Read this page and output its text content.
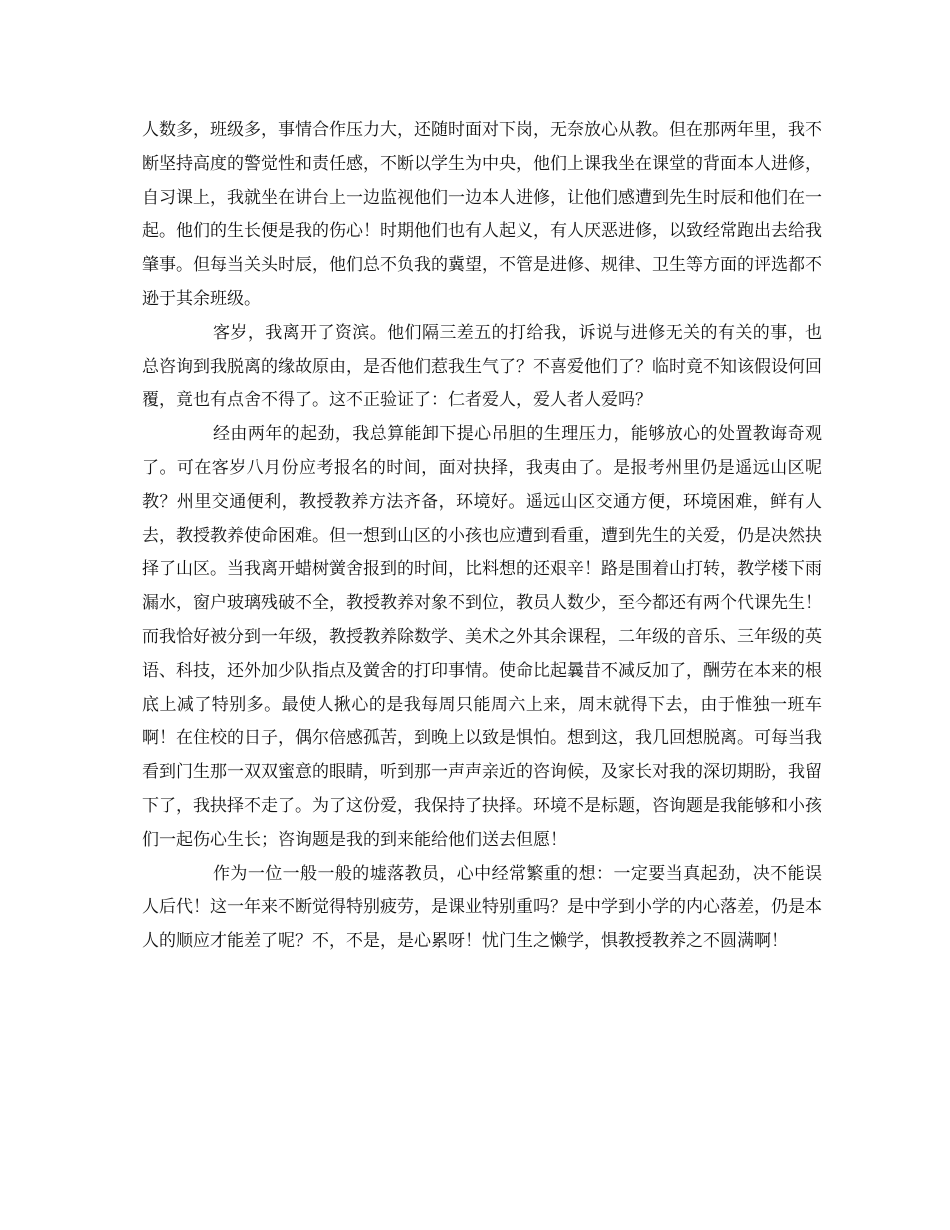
人数多，班级多，事情合作压力大，还随时面对下岗，无奈放心从教。但在那两年里，我不断坚持高度的警觉性和责任感，不断以学生为中央，他们上课我坐在课堂的背面本人进修，自习课上，我就坐在讲台上一边监视他们一边本人进修，让他们感遭到先生时辰和他们在一起。他们的生长便是我的伤心！时期他们也有人起义，有人厌恶进修，以致经常跑出去给我肇事。但每当关头时辰，他们总不负我的冀望，不管是进修、规律、卫生等方面的评选都不逊于其余班级。

客岁，我离开了资滨。他们隔三差五的打给我，诉说与进修无关的有关的事，也总咨询到我脱离的缘故原由，是否他们惹我生气了？不喜爱他们了？临时竟不知该假设何回覆，竟也有点舍不得了。这不正验证了：仁者爱人，爱人者人爱吗？

经由两年的起劲，我总算能卸下提心吊胆的生理压力，能够放心的处置教诲奇观了。可在客岁八月份应考报名的时间，面对抉择，我夷由了。是报考州里仍是遥远山区呢教？州里交通便利，教授教养方法齐备，环境好。遥远山区交通方便，环境困难，鲜有人去，教授教养使命困难。但一想到山区的小孩也应遭到看重，遭到先生的关爱，仍是决然抉择了山区。当我离开蜡树黉舍报到的时间，比料想的还艰辛！路是围着山打转，教学楼下雨漏水，窗户玻璃残破不全，教授教养对象不到位，教员人数少，至今都还有两个代课先生！而我恰好被分到一年级，教授教养除数学、美术之外其余课程，二年级的音乐、三年级的英语、科技，还外加少队指点及黉舍的打印事情。使命比起曩昔不减反加了，酬劳在本来的根底上减了特别多。最使人揪心的是我每周只能周六上来，周末就得下去，由于惟独一班车啊！在住校的日子，偶尔倍感孤苦，到晚上以致是惧怕。想到这，我几回想脱离。可每当我看到门生那一双双蜜意的眼睛，听到那一声声亲近的咨询候，及家长对我的深切期盼，我留下了，我抉择不走了。为了这份爱，我保持了抉择。环境不是标题，咨询题是我能够和小孩们一起伤心生长；咨询题是我的到来能给他们送去但愿！

作为一位一般一般的墟落教员，心中经常繁重的想：一定要当真起劲，决不能误人后代！这一年来不断觉得特别疲劳，是课业特别重吗？是中学到小学的内心落差，仍是本人的顺应才能差了呢？不，不是，是心累呀！忧门生之懒学，惧教授教养之不圆满啊！
